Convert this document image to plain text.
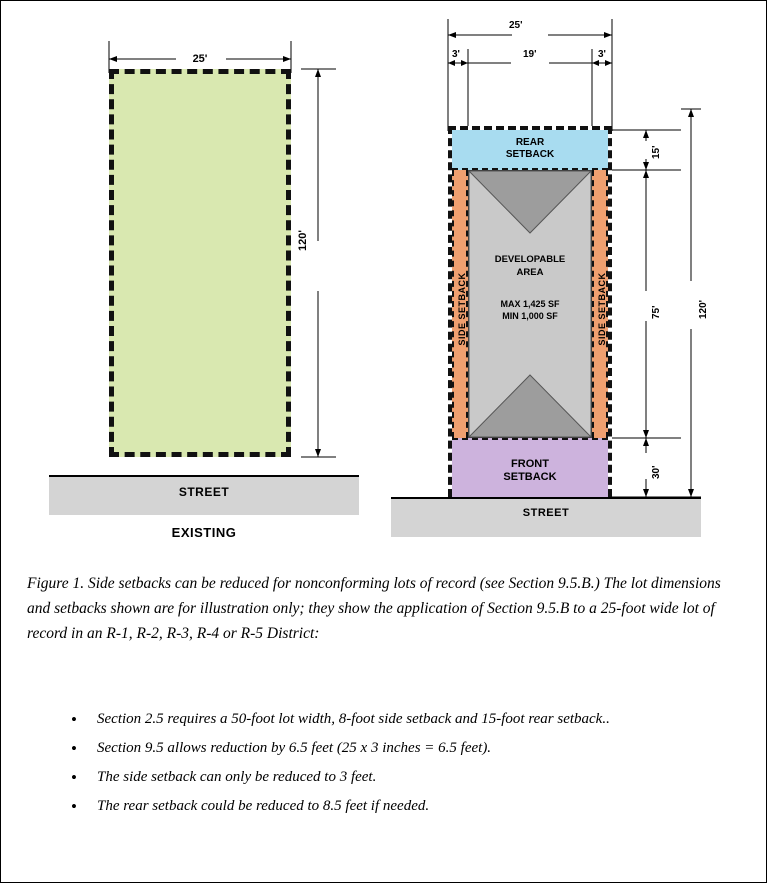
25'
120'
STREET
EXISTING
REAR
SETBACK
SIDE SETBACK	SIDE SETBACK
DEVELOPABLE
AREA
MAX 1,425 SF
MIN 1,000 SF
FRONT
SETBACK
STREET
25'
3'	19'	3'
15'
75'
30'
120'
Figure 1. Side setbacks can be reduced for nonconforming lots of record (see Section 9.5.B.) The lot dimensions and setbacks shown are for illustration only; they show the application of Section 9.5.B to a 25-foot wide lot of record in an R-1, R-2, R-3, R-4 or R-5 District:
• Section 2.5 requires a 50-foot lot width, 8-foot side setback and 15-foot rear setback..
• Section 9.5 allows reduction by 6.5 feet (25 x 3 inches = 6.5 feet).
• The side setback can only be reduced to 3 feet.
• The rear setback could be reduced to 8.5 feet if needed.
